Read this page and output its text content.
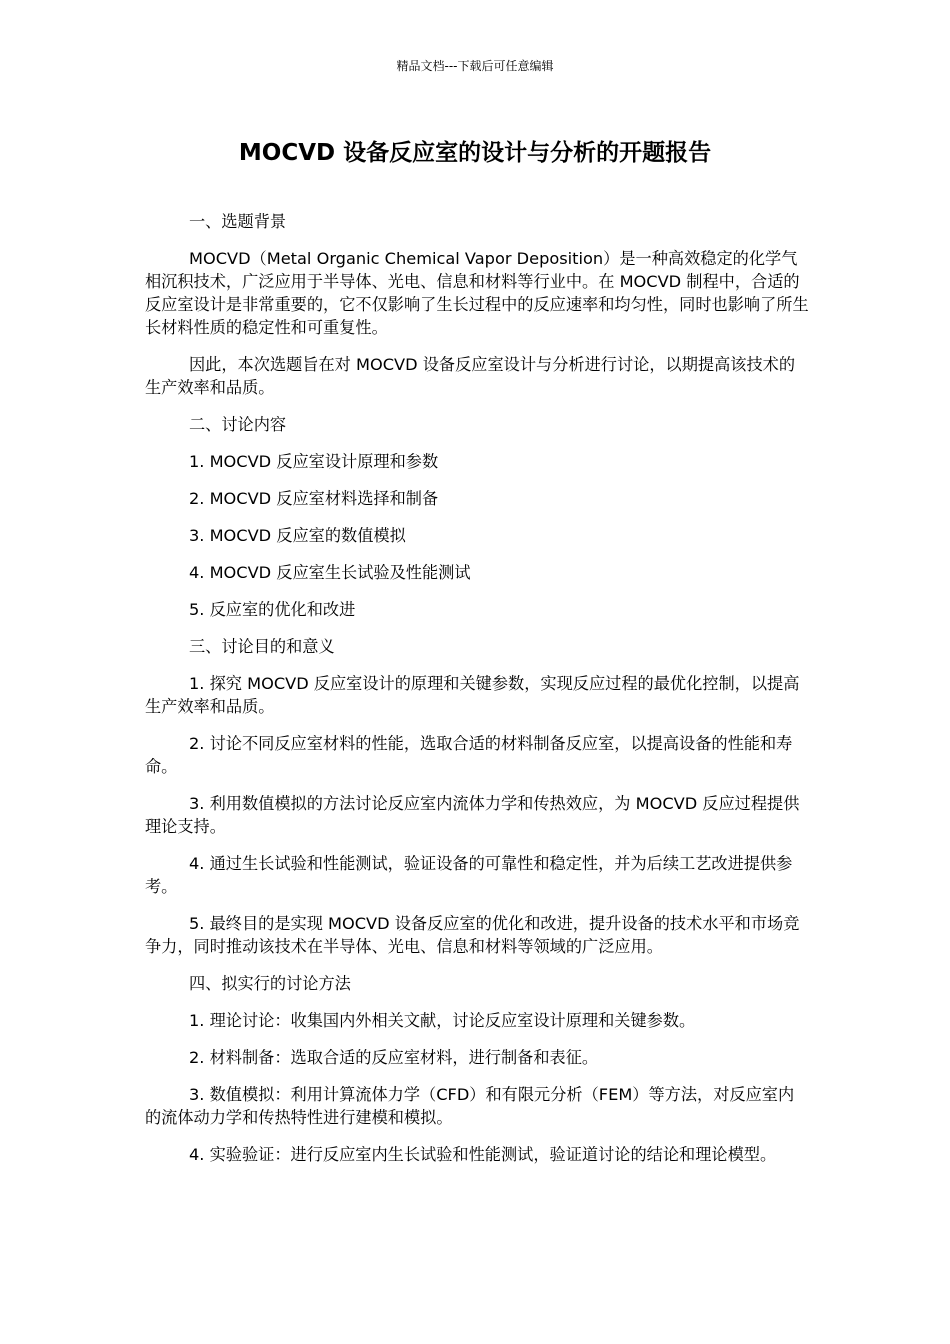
精品文档---下载后可任意编辑
MOCVD 设备反应室的设计与分析的开题报告

一、选题背景

MOCVD（Metal Organic Chemical Vapor Deposition）是一种高效稳定的化学气相沉积技术，广泛应用于半导体、光电、信息和材料等行业中。在 MOCVD 制程中，合适的反应室设计是非常重要的，它不仅影响了生长过程中的反应速率和均匀性，同时也影响了所生长材料性质的稳定性和可重复性。

因此，本次选题旨在对 MOCVD 设备反应室设计与分析进行讨论，以期提高该技术的生产效率和品质。

二、讨论内容

1. MOCVD 反应室设计原理和参数

2. MOCVD 反应室材料选择和制备

3. MOCVD 反应室的数值模拟

4. MOCVD 反应室生长试验及性能测试

5. 反应室的优化和改进

三、讨论目的和意义

1. 探究 MOCVD 反应室设计的原理和关键参数，实现反应过程的最优化控制，以提高生产效率和品质。

2. 讨论不同反应室材料的性能，选取合适的材料制备反应室，以提高设备的性能和寿命。

3. 利用数值模拟的方法讨论反应室内流体力学和传热效应，为 MOCVD 反应过程提供理论支持。

4. 通过生长试验和性能测试，验证设备的可靠性和稳定性，并为后续工艺改进提供参考。

5. 最终目的是实现 MOCVD 设备反应室的优化和改进，提升设备的技术水平和市场竞争力，同时推动该技术在半导体、光电、信息和材料等领域的广泛应用。

四、拟实行的讨论方法

1. 理论讨论：收集国内外相关文献，讨论反应室设计原理和关键参数。

2. 材料制备：选取合适的反应室材料，进行制备和表征。

3. 数值模拟：利用计算流体力学（CFD）和有限元分析（FEM）等方法，对反应室内的流体动力学和传热特性进行建模和模拟。

4. 实验验证：进行反应室内生长试验和性能测试，验证道讨论的结论和理论模型。
